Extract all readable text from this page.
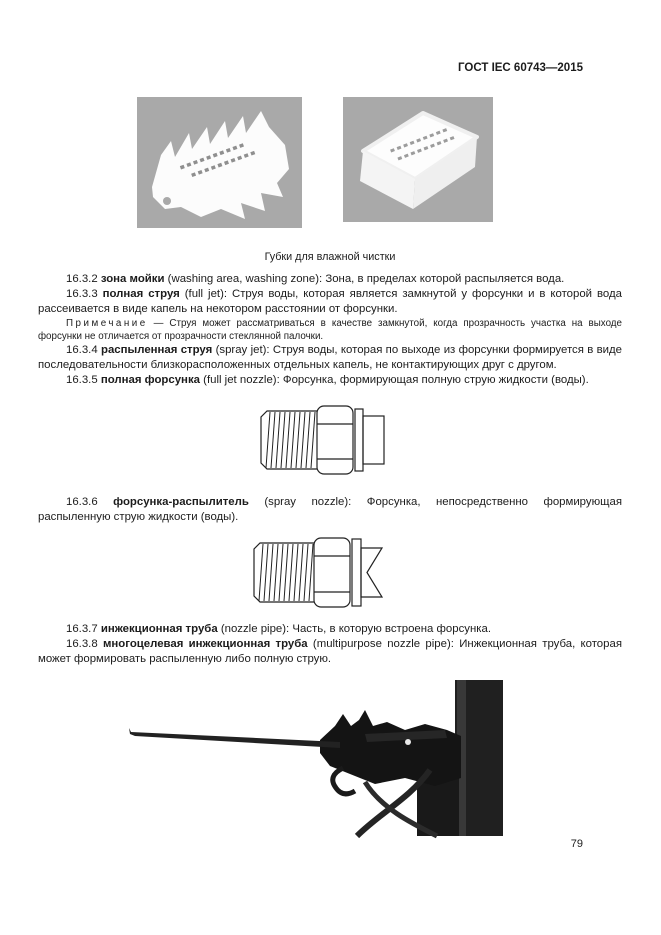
ГОСТ IEC 60743—2015
Губки для влажной чистки

16.3.2 зона мойки (washing area, washing zone): Зона, в пределах которой распыляется вода.

16.3.3 полная струя (full jet): Струя воды, которая является замкнутой у форсунки и в которой вода рассеивается в виде капель на некотором расстоянии от форсунки.

Примечание — Струя может рассматриваться в качестве замкнутой, когда прозрачность участка на выходе форсунки не отличается от прозрачности стеклянной палочки.

16.3.4 распыленная струя (spray jet): Струя воды, которая по выходе из форсунки формируется в виде последовательности близкорасположенных отдельных капель, не контактирующих друг с другом.

16.3.5 полная форсунка (full jet nozzle): Форсунка, формирующая полную струю жидкости (воды).

16.3.6 форсунка-распылитель (spray nozzle): Форсунка, непосредственно формирующая распыленную струю жидкости (воды).

16.3.7 инжекционная труба (nozzle pipe): Часть, в которую встроена форсунка.

16.3.8 многоцелевая инжекционная труба (multipurpose nozzle pipe): Инжекционная труба, которая может формировать распыленную либо полную струю.

79
